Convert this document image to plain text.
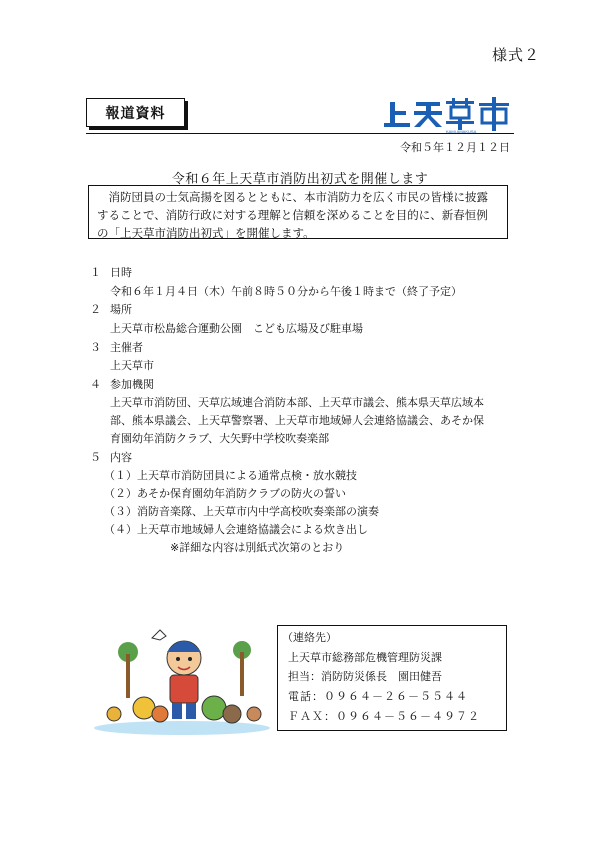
様式２
報道資料
KAMI AMAKUSA
令和５年１２月１２日
令和６年上天草市消防出初式を開催します
消防団員の士気高揚を図るとともに、本市消防力を広く市民の皆様に披露
することで、消防行政に対する理解と信頼を深めることを目的に、新春恒例
の「上天草市消防出初式」を開催します。
１ 日時
令和６年１月４日（木）午前８時５０分から午後１時まで（終了予定）
２ 場所
上天草市松島総合運動公園　こども広場及び駐車場
３ 主催者
上天草市
４ 参加機関
上天草市消防団、天草広域連合消防本部、上天草市議会、熊本県天草広域本
部、熊本県議会、上天草警察署、上天草市地域婦人会連絡協議会、あそか保
育園幼年消防クラブ、大矢野中学校吹奏楽部
５ 内容
（１）上天草市消防団員による通常点検・放水競技
（２）あそか保育園幼年消防クラブの防火の誓い
（３）消防音楽隊、上天草市内中学高校吹奏楽部の演奏
（４）上天草市地域婦人会連絡協議会による炊き出し
※詳細な内容は別紙式次第のとおり
（連絡先）
上天草市総務部危機管理防災課
担当：消防防災係長　園田健吾
電話：０９６４－２６－５５４４
ＦＡＸ：０９６４－５６－４９７２
